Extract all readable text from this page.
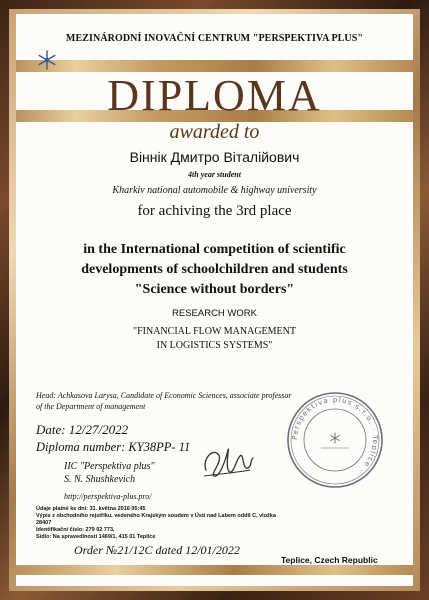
MEZINÁRODNÍ INOVAČNÍ CENTRUM "PERSPEKTIVA PLUS"
DIPLOMA
awarded to
Віннік Дмитро Віталійович
4th year student
Kharkiv national automobile & highway university
for achiving the 3rd place
in the International competition of scientific
developments of schoolchildren and students
"Science without borders"
RESEARCH WORK
"FINANCIAL FLOW MANAGEMENT
IN LOGISTICS SYSTEMS"
Head: Achkasova Larysa, Candidate of Economic Sciences, associate professor of the Department of management
Date: 12/27/2022
Diploma number: KY38PP- 11
IIC "Perspektiva plus"
S. N. Shushkevich
http://perspektiva-plus.pro/
Údaje platné ke dni: 31. května 2016 05:45
Výpis z obchodního rejstříku, vedeného Krajským soudem v Ústí nad Labem oddíl C, vložka 28407
Identifikační číslo: 279 02 773,
Sídlo: Na spravedlnosti 1469/1, 415 01 Teplice
Order №21/12C dated 12/01/2022
Teplice, Czech Republic
Perspektiva plus s.r.o. · Teplice ·
